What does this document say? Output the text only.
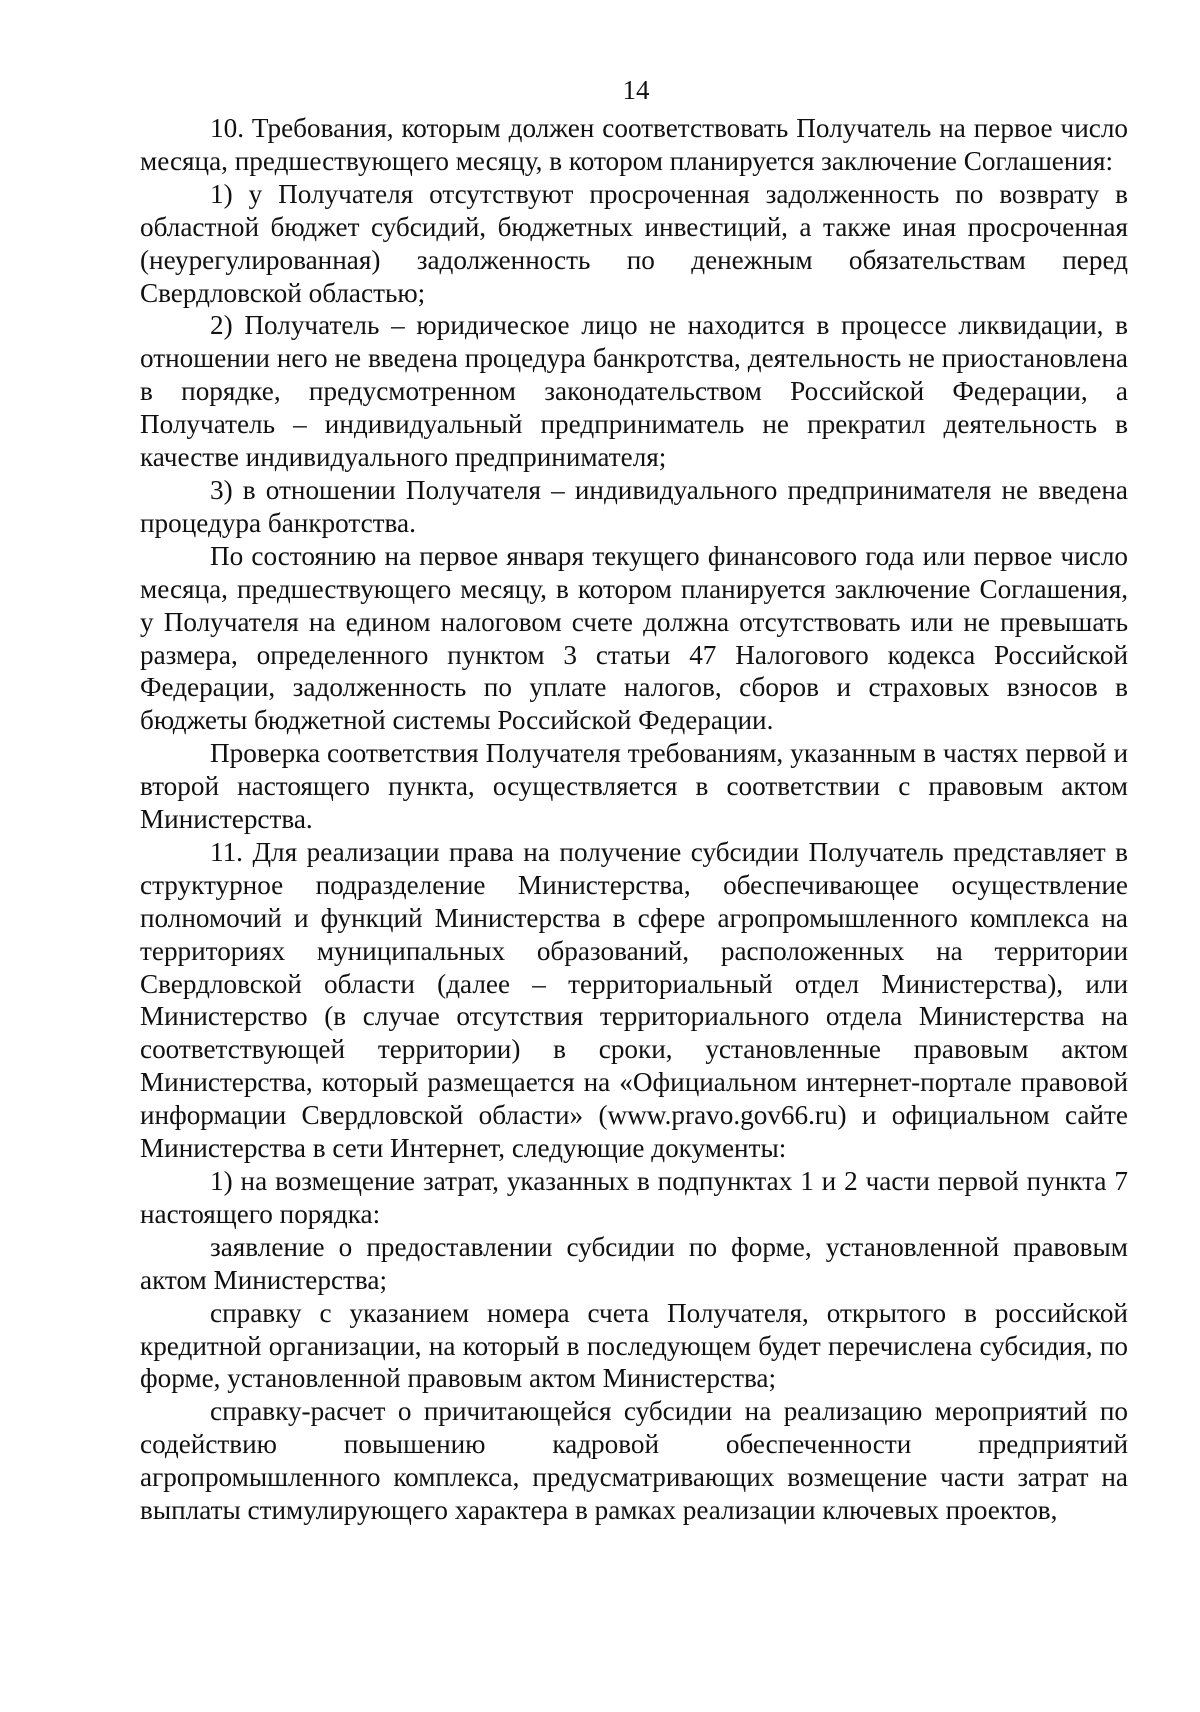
14

10. Требования, которым должен соответствовать Получатель на первое число месяца, предшествующего месяцу, в котором планируется заключение Соглашения:

1) у Получателя отсутствуют просроченная задолженность по возврату в областной бюджет субсидий, бюджетных инвестиций, а также иная просроченная (неурегулированная) задолженность по денежным обязательствам перед Свердловской областью;

2) Получатель – юридическое лицо не находится в процессе ликвидации, в отношении него не введена процедура банкротства, деятельность не приостановлена в порядке, предусмотренном законодательством Российской Федерации, а Получатель – индивидуальный предприниматель не прекратил деятельность в качестве индивидуального предпринимателя;

3) в отношении Получателя – индивидуального предпринимателя не введена процедура банкротства.

По состоянию на первое января текущего финансового года или первое число месяца, предшествующего месяцу, в котором планируется заключение Соглашения, у Получателя на едином налоговом счете должна отсутствовать или не превышать размера, определенного пунктом 3 статьи 47 Налогового кодекса Российской Федерации, задолженность по уплате налогов, сборов и страховых взносов в бюджеты бюджетной системы Российской Федерации.

Проверка соответствия Получателя требованиям, указанным в частях первой и второй настоящего пункта, осуществляется в соответствии с правовым актом Министерства.

11. Для реализации права на получение субсидии Получатель представляет в структурное подразделение Министерства, обеспечивающее осуществление полномочий и функций Министерства в сфере агропромышленного комплекса на территориях муниципальных образований, расположенных на территории Свердловской области (далее – территориальный отдел Министерства), или Министерство (в случае отсутствия территориального отдела Министерства на соответствующей территории) в сроки, установленные правовым актом Министерства, который размещается на «Официальном интернет-портале правовой информации Свердловской области» (www.pravo.gov66.ru) и официальном сайте Министерства в сети Интернет, следующие документы:

1) на возмещение затрат, указанных в подпунктах 1 и 2 части первой пункта 7 настоящего порядка:

заявление о предоставлении субсидии по форме, установленной правовым актом Министерства;

справку с указанием номера счета Получателя, открытого в российской кредитной организации, на который в последующем будет перечислена субсидия, по форме, установленной правовым актом Министерства;

справку-расчет о причитающейся субсидии на реализацию мероприятий по содействию повышению кадровой обеспеченности предприятий агропромышленного комплекса, предусматривающих возмещение части затрат на выплаты стимулирующего характера в рамках реализации ключевых проектов,
